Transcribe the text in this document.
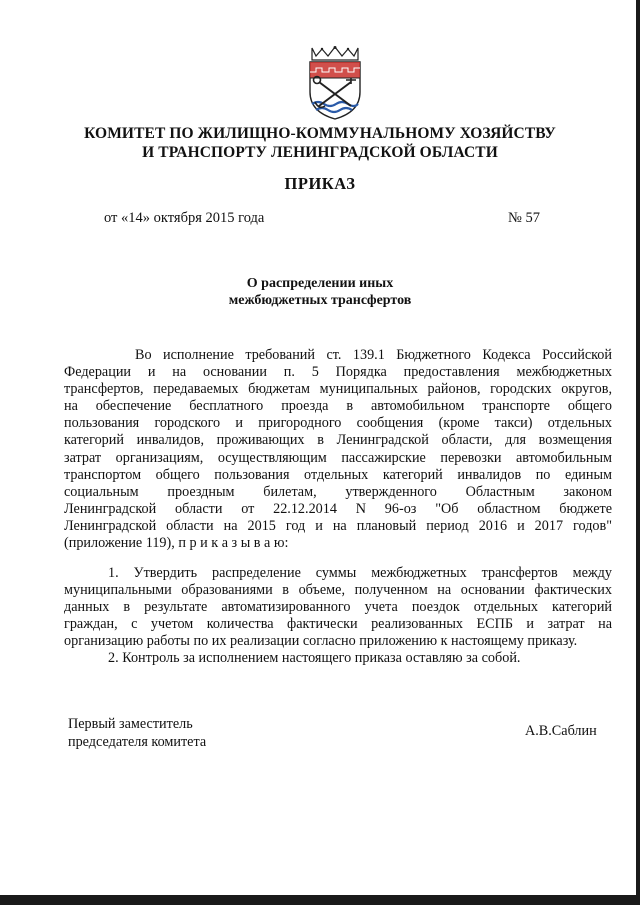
КОМИТЕТ ПО ЖИЛИЩНО-КОММУНАЛЬНОМУ ХОЗЯЙСТВУ
И ТРАНСПОРТУ ЛЕНИНГРАДСКОЙ ОБЛАСТИ
ПРИКАЗ
от «14» октября 2015 года	№ 57
О распределении иных
межбюджетных трансфертов
Во исполнение требований ст. 139.1 Бюджетного Кодекса Российской
Федерации и на основании п. 5 Порядка предоставления межбюджетных
трансфертов, передаваемых бюджетам муниципальных районов, городских округов,
на обеспечение бесплатного проезда в автомобильном транспорте общего
пользования городского и пригородного сообщения (кроме такси) отдельных
категорий инвалидов, проживающих в Ленинградской области, для возмещения
затрат организациям, осуществляющим пассажирские перевозки автомобильным
транспортом общего пользования отдельных категорий инвалидов по единым
социальным проездным билетам, утвержденного Областным законом
Ленинградской области от 22.12.2014 N 96-оз "Об областном бюджете
Ленинградской области на 2015 год и на плановый период 2016 и 2017 годов"
(приложение 119), п р и к а з ы в а ю:
1. Утвердить распределение суммы межбюджетных трансфертов между
муниципальными образованиями в объеме, полученном на основании фактических
данных в результате автоматизированного учета поездок отдельных категорий
граждан, с учетом количества фактически реализованных ЕСПБ и затрат на
организацию работы по их реализации согласно приложению к настоящему приказу.
2. Контроль за исполнением настоящего приказа оставляю за собой.
Первый заместитель
председателя комитета
А.В.Саблин
